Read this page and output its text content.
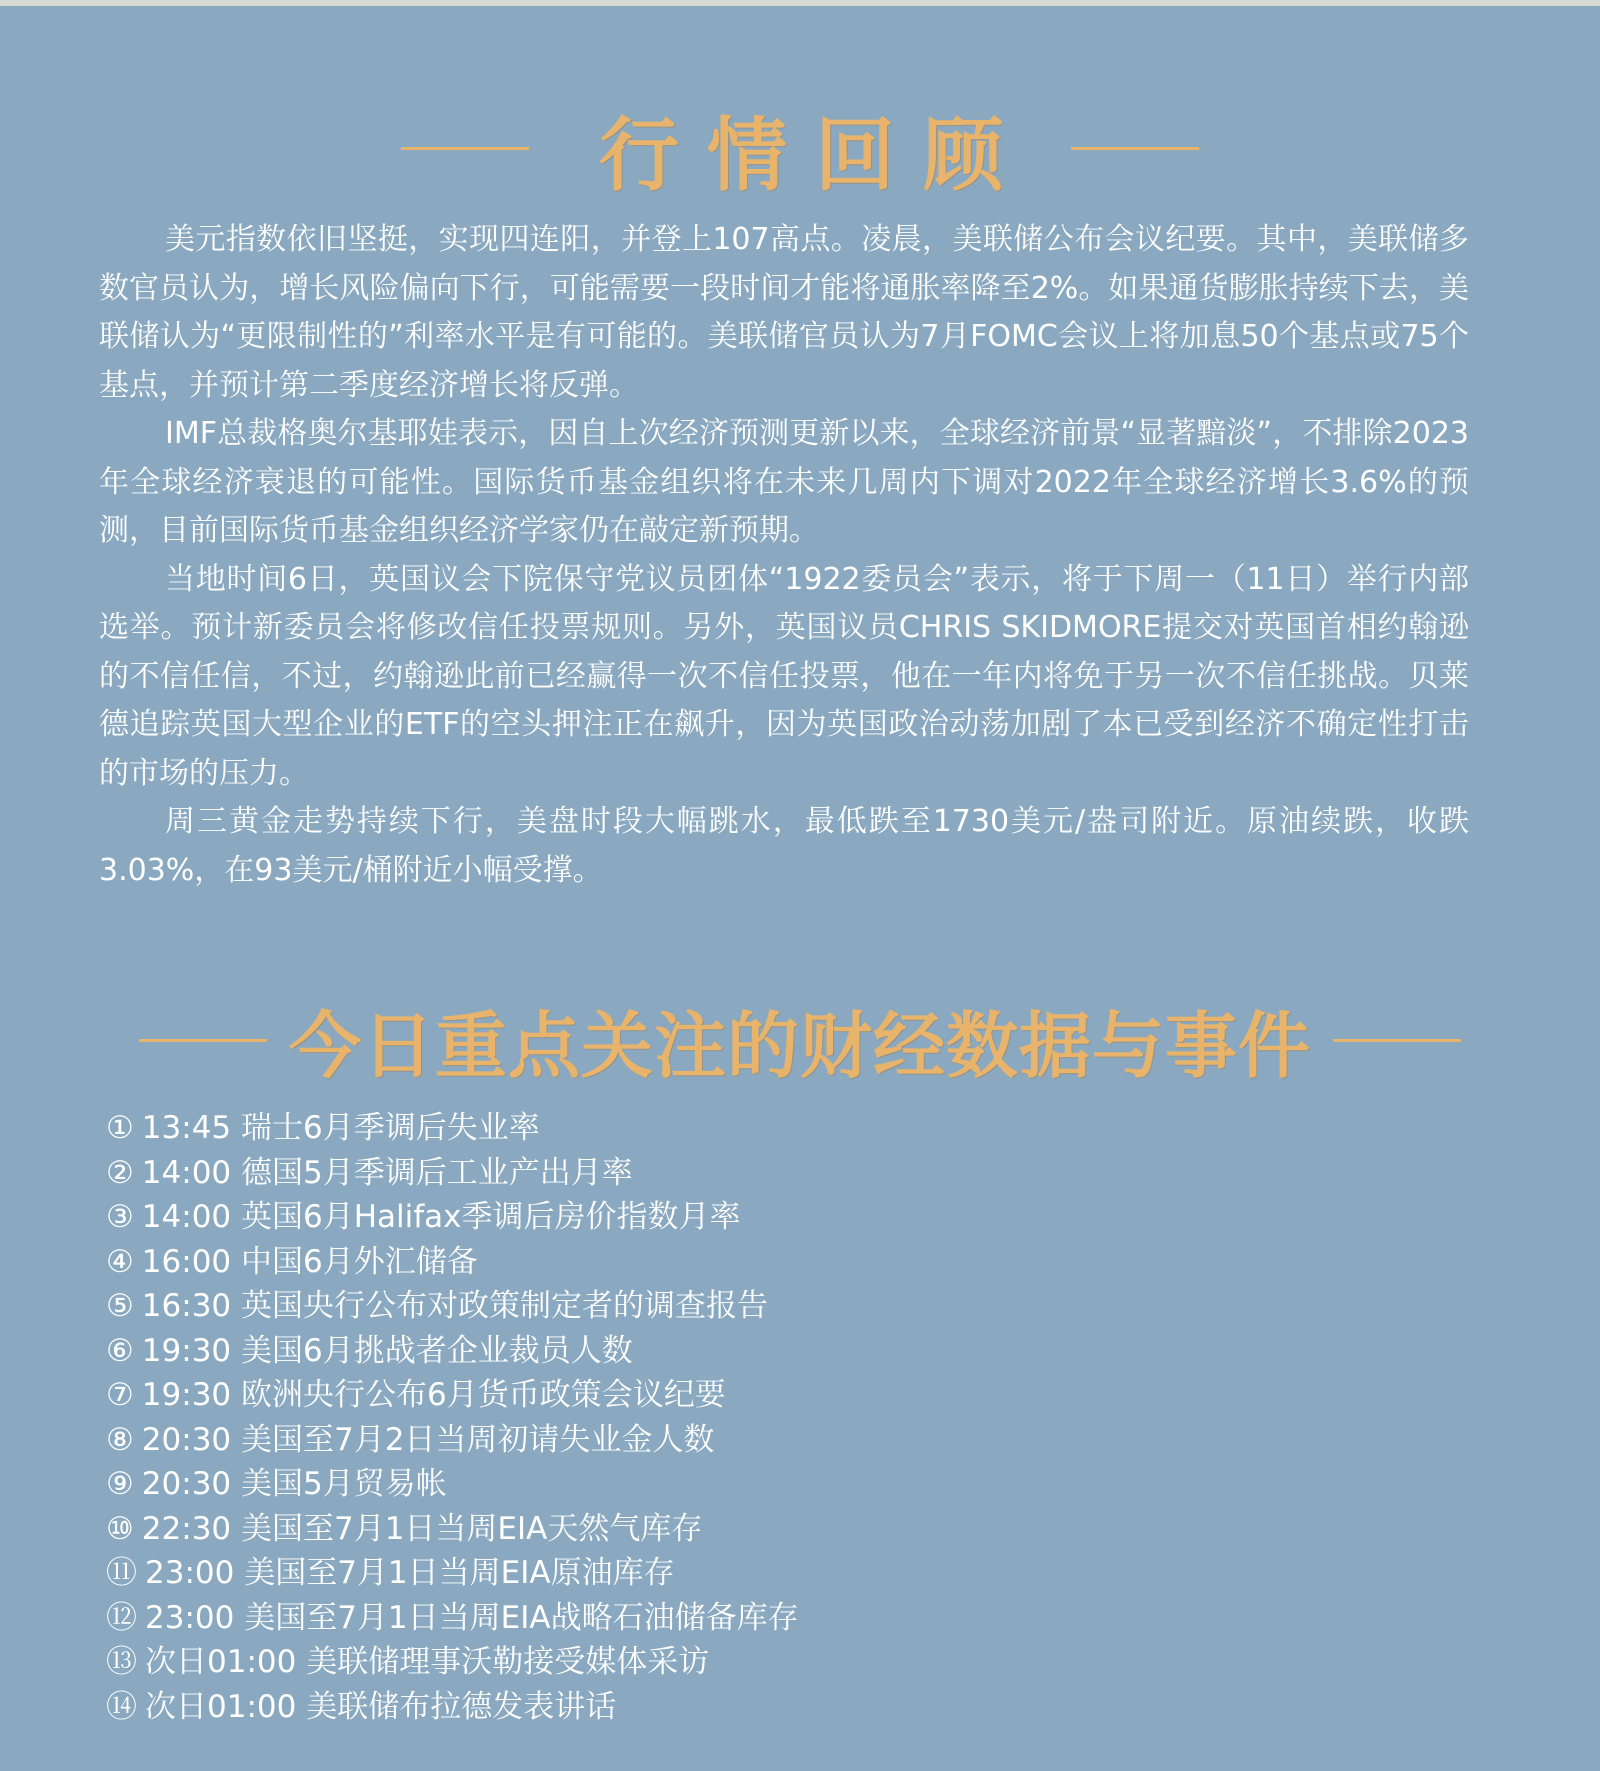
行情回顾

美元指数依旧坚挺，实现四连阳，并登上107高点。凌晨，美联储公布会议纪要。其中，美联储多数官员认为，增长风险偏向下行，可能需要一段时间才能将通胀率降至2%。如果通货膨胀持续下去，美联储认为“更限制性的”利率水平是有可能的。美联储官员认为7月FOMC会议上将加息50个基点或75个基点，并预计第二季度经济增长将反弹。

IMF总裁格奥尔基耶娃表示，因自上次经济预测更新以来，全球经济前景“显著黯淡”，不排除2023年全球经济衰退的可能性。国际货币基金组织将在未来几周内下调对2022年全球经济增长3.6%的预测，目前国际货币基金组织经济学家仍在敲定新预期。

当地时间6日，英国议会下院保守党议员团体“1922委员会”表示，将于下周一（11日）举行内部选举。预计新委员会将修改信任投票规则。另外，英国议员CHRIS SKIDMORE提交对英国首相约翰逊的不信任信，不过，约翰逊此前已经赢得一次不信任投票，他在一年内将免于另一次不信任挑战。贝莱德追踪英国大型企业的ETF的空头押注正在飙升，因为英国政治动荡加剧了本已受到经济不确定性打击的市场的压力。

周三黄金走势持续下行，美盘时段大幅跳水，最低跌至1730美元/盎司附近。原油续跌，收跌3.03%，在93美元/桶附近小幅受撑。

今日重点关注的财经数据与事件
① 13:45 瑞士6月季调后失业率
② 14:00 德国5月季调后工业产出月率
③ 14:00 英国6月Halifax季调后房价指数月率
④ 16:00 中国6月外汇储备
⑤ 16:30 英国央行公布对政策制定者的调查报告
⑥ 19:30 美国6月挑战者企业裁员人数
⑦ 19:30 欧洲央行公布6月货币政策会议纪要
⑧ 20:30 美国至7月2日当周初请失业金人数
⑨ 20:30 美国5月贸易帐
⑩ 22:30 美国至7月1日当周EIA天然气库存
⑪ 23:00 美国至7月1日当周EIA原油库存
⑫ 23:00 美国至7月1日当周EIA战略石油储备库存
⑬ 次日01:00 美联储理事沃勒接受媒体采访
⑭ 次日01:00 美联储布拉德发表讲话
